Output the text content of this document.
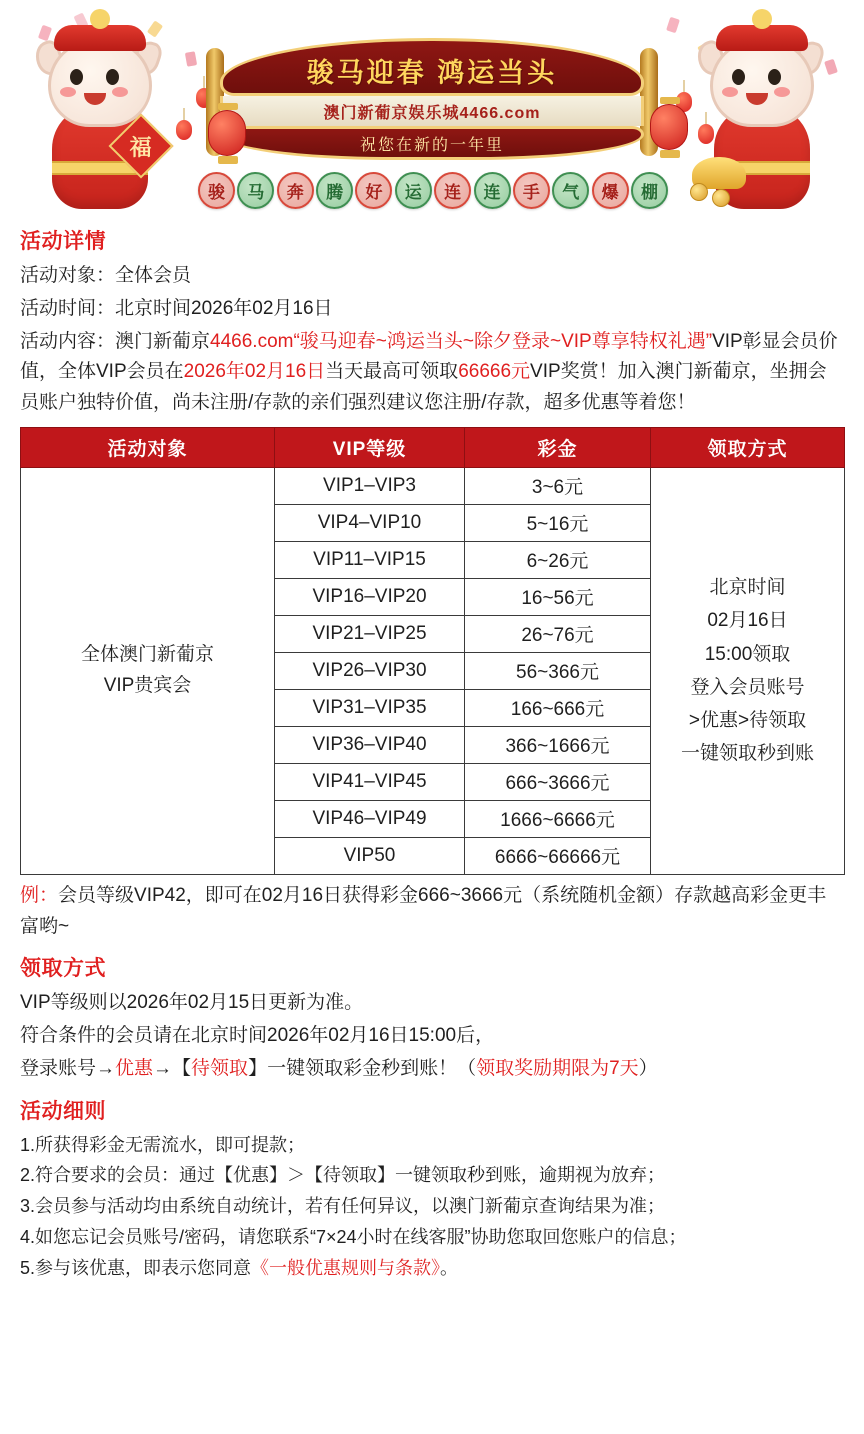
福
骏马迎春 鸿运当头
澳门新葡京娱乐城4466.com
祝您在新的一年里
骏 马 奔 腾 好 运 连 连 手 气 爆 棚
活动详情
活动对象：全体会员
活动时间：北京时间2026年02月16日
活动内容：澳门新葡京4466.com“骏马迎春~鸿运当头~除夕登录~VIP尊享特权礼遇”VIP彰显会员价值，全体VIP会员在2026年02月16日当天最高可领取66666元VIP奖赏！加入澳门新葡京，坐拥会员账户独特价值，尚未注册/存款的亲们强烈建议您注册/存款，超多优惠等着您！
活动对象	VIP等级	彩金	领取方式

全体澳门新葡京
VIP贵宾会
	VIP1–VIP3	3~6元	
北京时间
02月16日
15:00领取
登入会员账号
>优惠>待领取
一键领取秒到账

	VIP4–VIP10	5~16元	
	VIP11–VIP15	6~26元	
	VIP16–VIP20	16~56元	
	VIP21–VIP25	26~76元	
	VIP26–VIP30	56~366元	
	VIP31–VIP35	166~666元	
	VIP36–VIP40	366~1666元	
	VIP41–VIP45	666~3666元	
	VIP46–VIP49	1666~6666元	
	VIP50	6666~66666元	
例：会员等级VIP42，即可在02月16日获得彩金666~3666元（系统随机金额）存款越高彩金更丰富哟~
领取方式
VIP等级则以2026年02月15日更新为准。
符合条件的会员请在北京时间2026年02月16日15:00后，
登录账号→优惠→【待领取】一键领取彩金秒到账！（领取奖励期限为7天）
活动细则
1.所获得彩金无需流水，即可提款；
2.符合要求的会员：通过【优惠】＞【待领取】一键领取秒到账，逾期视为放弃；
3.会员参与活动均由系统自动统计，若有任何异议，以澳门新葡京查询结果为准；
4.如您忘记会员账号/密码，请您联系“7×24小时在线客服”协助您取回您账户的信息；
5.参与该优惠，即表示您同意《一般优惠规则与条款》。
